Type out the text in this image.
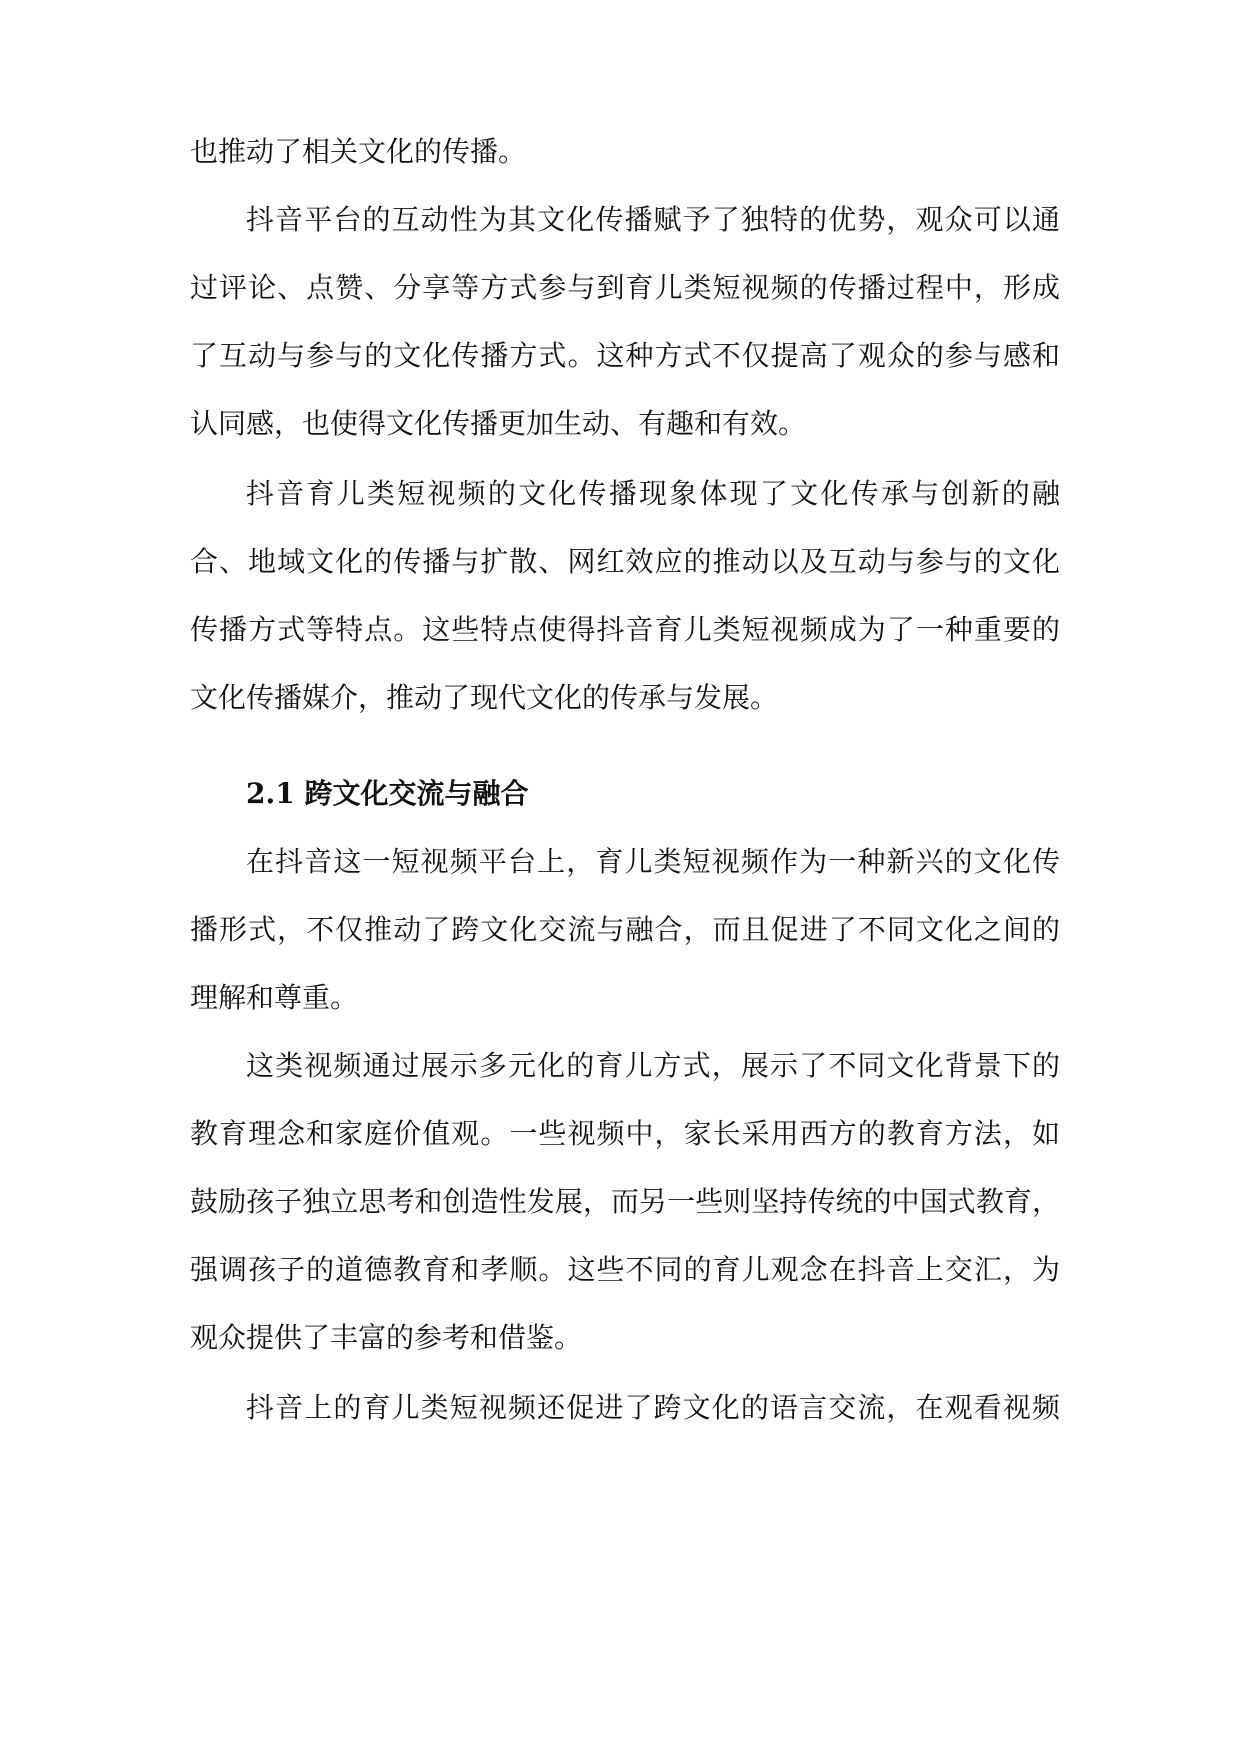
也推动了相关文化的传播。
抖音平台的互动性为其文化传播赋予了独特的优势，观众可以通
过评论、点赞、分享等方式参与到育儿类短视频的传播过程中，形成
了互动与参与的文化传播方式。这种方式不仅提高了观众的参与感和
认同感，也使得文化传播更加生动、有趣和有效。
抖音育儿类短视频的文化传播现象体现了文化传承与创新的融
合、地域文化的传播与扩散、网红效应的推动以及互动与参与的文化
传播方式等特点。这些特点使得抖音育儿类短视频成为了一种重要的
文化传播媒介，推动了现代文化的传承与发展。
2.1 跨文化交流与融合
在抖音这一短视频平台上，育儿类短视频作为一种新兴的文化传
播形式，不仅推动了跨文化交流与融合，而且促进了不同文化之间的
理解和尊重。
这类视频通过展示多元化的育儿方式，展示了不同文化背景下的
教育理念和家庭价值观。一些视频中，家长采用西方的教育方法，如
鼓励孩子独立思考和创造性发展，而另一些则坚持传统的中国式教育，
强调孩子的道德教育和孝顺。这些不同的育儿观念在抖音上交汇，为
观众提供了丰富的参考和借鉴。
抖音上的育儿类短视频还促进了跨文化的语言交流，在观看视频
